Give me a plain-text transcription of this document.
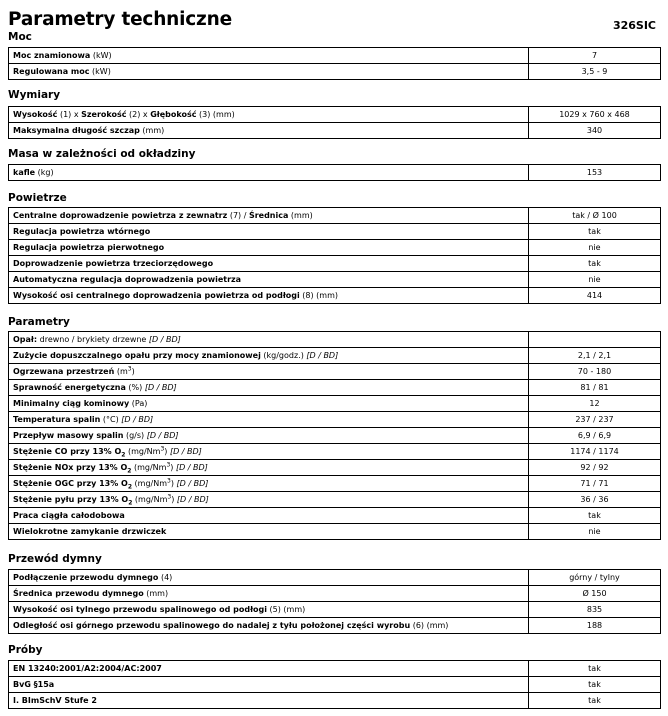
Parametry techniczne	326SIC
Moc
Moc znamionowa (kW)	7
Regulowana moc (kW)	3,5 - 9
Wymiary
Wysokość (1) x Szerokość (2) x Głębokość (3) (mm)	1029 x 760 x 468
Maksymalna długość szczap (mm)	340
Masa w zależności od okładziny
kafle (kg)	153
Powietrze
Centralne doprowadzenie powietrza z zewnatrz (7) / Średnica (mm)	tak / Ø 100
Regulacja powietrza wtórnego	tak
Regulacja powietrza pierwotnego	nie
Doprowadzenie powietrza trzeciorzędowego	tak
Automatyczna regulacja doprowadzenia powietrza	nie
Wysokość osi centralnego doprowadzenia powietrza od podłogi (8) (mm)	414
Parametry
Opał: drewno / brykiety drzewne [D / BD]	
Zużycie dopuszczalnego opału przy mocy znamionowej (kg/godz.) [D / BD]	2,1 / 2,1
Ogrzewana przestrzeń $(m^3)$	70 - 180
Sprawność energetyczna (%) [D / BD]	81 / 81
Minimalny ciąg kominowy (Pa)	12
Temperatura spalin (°C) [D / BD]	237 / 237
Przepływ masowy spalin (g/s) [D / BD]	6,9 / 6,9
Stężenie CO przy 13% $O_2$ (mg/Nm$^3$) [D / BD]	1174 / 1174
Stężenie NOx przy 13% $O_2$ (mg/Nm$^3$) [D / BD]	92 / 92
Stężenie OGC przy 13% $O_2$ (mg/Nm$^3$) [D / BD]	71 / 71
Stężenie pyłu przy 13% $O_2$ (mg/Nm$^3$) [D / BD]	36 / 36
Praca ciągła całodobowa	tak
Wielokrotne zamykanie drzwiczek	nie
Przewód dymny
Podłączenie przewodu dymnego (4)	górny / tylny
Średnica przewodu dymnego (mm)	Ø 150
Wysokość osi tylnego przewodu spalinowego od podłogi (5) (mm)	835
Odległość osi górnego przewodu spalinowego do nadalej z tyłu położonej części wyrobu (6) (mm)	188
Próby
EN 13240:2001/A2:2004/AC:2007	tak
BvG §15a	tak
I. BImSchV Stufe 2	tak
